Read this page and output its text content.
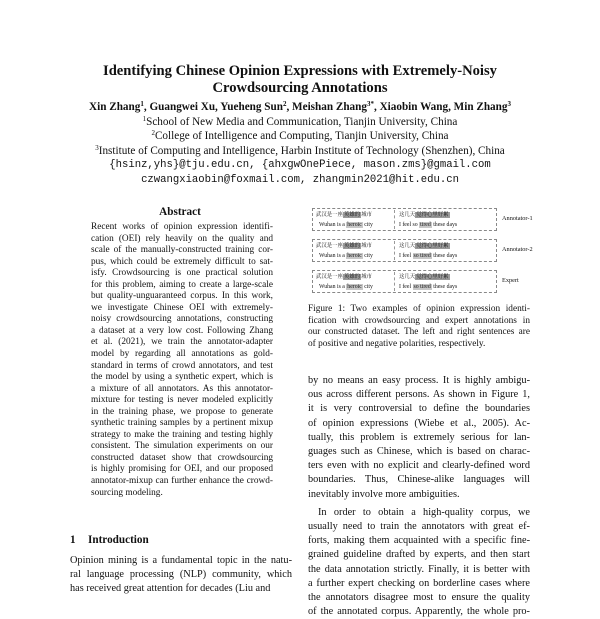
Identifying Chinese Opinion Expressions with Extremely-Noisy
Crowdsourcing Annotations
Xin Zhang$^1$, Guangwei Xu, Yueheng Sun$^2$, Meishan Zhang$^{3*}$, Xiaobin Wang, Min Zhang$^3$
$^1$School of New Media and Communication, Tianjin University, China
$^2$College of Intelligence and Computing, Tianjin University, China
$^3$Institute of Computing and Intelligence, Harbin Institute of Technology (Shenzhen), China
{hsinz,yhs}@tju.edu.cn, {ahxgwOnePiece, mason.zms}@gmail.com
czwangxiaobin@foxmail.com, zhangmin2021@hit.edu.cn
Abstract
Recent works of opinion expression identifi-
cation (OEI) rely heavily on the quality and
scale of the manually-constructed training cor-
pus, which could be extremely difficult to sat-
isfy. Crowdsourcing is one practical solution
for this problem, aiming to create a large-scale
but quality-unguaranteed corpus. In this work,
we investigate Chinese OEI with extremely-
noisy crowdsourcing annotations, constructing
a dataset at a very low cost. Following Zhang
et al. (2021), we train the annotator-adapter
model by regarding all annotations as gold-
standard in terms of crowd annotators, and test
the model by using a synthetic expert, which is
a mixture of all annotators. As this annotator-
mixture for testing is never modeled explicitly
in the training phase, we propose to generate
synthetic training samples by a pertinent mixup
strategy to make the training and testing highly
consistent. The simulation experiments on our
constructed dataset show that crowdsourcing
is highly promising for OEI, and our proposed
annotator-mixup can further enhance the crowd-
sourcing modeling.
1 Introduction
Opinion mining is a fundamental topic in the natu-
ral language processing (NLP) community, which
has received great attention for decades (Liu and
武汉是一座英雄的城市	这几天觉得心里好累
Wuhan is a heroic city	I feel so tired these days
Annotator-1
武汉是一座英雄的城市	这几天觉得心里好累
Wuhan is a heroic city	I feel so tired these days
Annotator-2
武汉是一座英雄的城市	这几天觉得心里好累
Wuhan is a heroic city	I feel so tired these days
Expert
Figure 1: Two examples of opinion expression identi-
fication with crowdsourcing and expert annotations in
our constructed dataset. The left and right sentences are
of positive and negative polarities, respectively.
by no means an easy process. It is highly ambigu-
ous across different persons. As shown in Figure 1,
it is very controversial to define the boundaries
of opinion expressions (Wiebe et al., 2005). Ac-
tually, this problem is extremely serious for lan-
guages such as Chinese, which is based on charac-
ters even with no explicit and clearly-defined word
boundaries. Thus, Chinese-alike languages will
inevitably involve more ambiguities.
In order to obtain a high-quality corpus, we
usually need to train the annotators with great ef-
forts, making them acquainted with a specific fine-
grained guideline drafted by experts, and then start
the data annotation strictly. Finally, it is better with
a further expert checking on borderline cases where
the annotators disagree most to ensure the quality
of the annotated corpus. Apparently, the whole pro-
